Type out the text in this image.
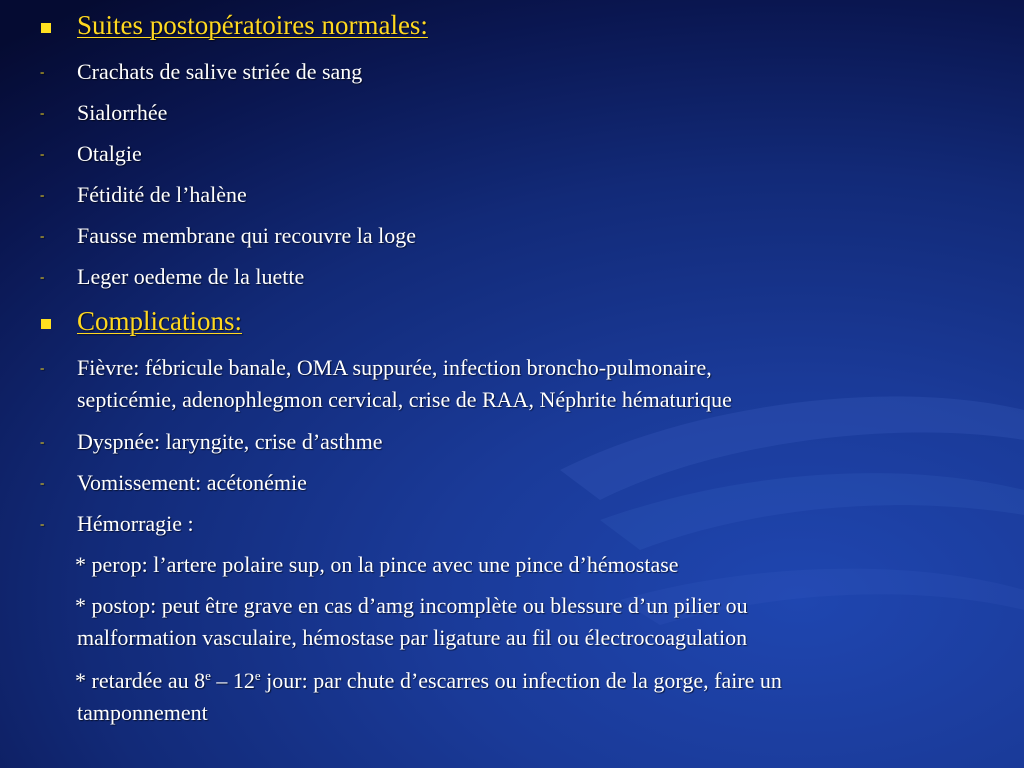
Suites postopératoires normales:
- Crachats de salive striée de sang
- Sialorrhée
- Otalgie
- Fétidité de l’halène
- Fausse membrane qui recouvre la loge
- Leger oedeme de la luette
Complications:
- Fièvre: fébricule banale, OMA suppurée, infection broncho-pulmonaire,
septicémie, adenophlegmon cervical, crise de RAA, Néphrite hématurique
- Dyspnée: laryngite, crise d’asthme
- Vomissement: acétonémie
- Hémorragie :
* perop: l’artere polaire sup, on la pince avec une pince d’hémostase
* postop: peut être grave en cas d’amg incomplète ou blessure d’un pilier ou
malformation vasculaire, hémostase par ligature au fil ou électrocoagulation
* retardée au 8e – 12e jour: par chute d’escarres ou infection de la gorge, faire un
tamponnement
